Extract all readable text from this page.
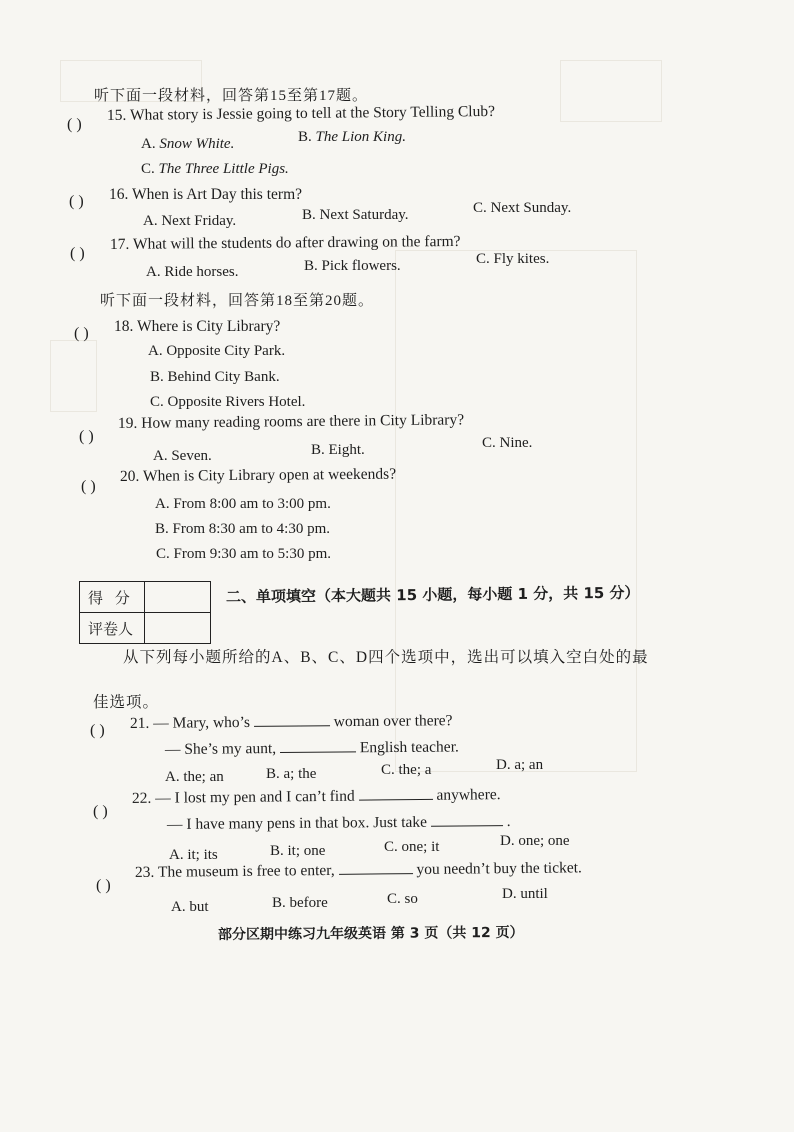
听下面一段材料，回答第15至第17题。
( )
15. What story is Jessie going to tell at the Story Telling Club?
A. Snow White.	B. The Lion King.
C. The Three Little Pigs.
( ) 16. When is Art Day this term?
A. Next Friday.	B. Next Saturday.	C. Next Sunday.
( )
17. What will the students do after drawing on the farm?
A. Ride horses.	B. Pick flowers.	C. Fly kites.
听下面一段材料，回答第18至第20题。
( ) 18. Where is City Library?
A. Opposite City Park.
B. Behind City Bank.
C. Opposite Rivers Hotel.
( )
19. How many reading rooms are there in City Library?
A. Seven.	B. Eight.	C. Nine.
( )
20. When is City Library open at weekends?
A. From 8:00 am to 3:00 pm.
B. From 8:30 am to 4:30 pm.
C. From 9:30 am to 5:30 pm.
得 分	
评卷人	
二、单项填空（本大题共 15 小题，每小题 1 分，共 15 分）
从下列每小题所给的A、B、C、D四个选项中，选出可以填入空白处的最
佳选项。
( ) 21. — Mary, who’s	woman over there?
— She’s my aunt,	English teacher.
A. the; an	B. a; the	C. the; a	D. a; an
( )
22. — I lost my pen and I can’t find	anywhere.
— I have many pens in that box. Just take	.
A. it; its	B. it; one	C. one; it	D. one; one
( )
23. The museum is free to enter,	you needn’t buy the ticket.
A. but	B. before	C. so	D. until
部分区期中练习九年级英语 第 3 页（共 12 页）
